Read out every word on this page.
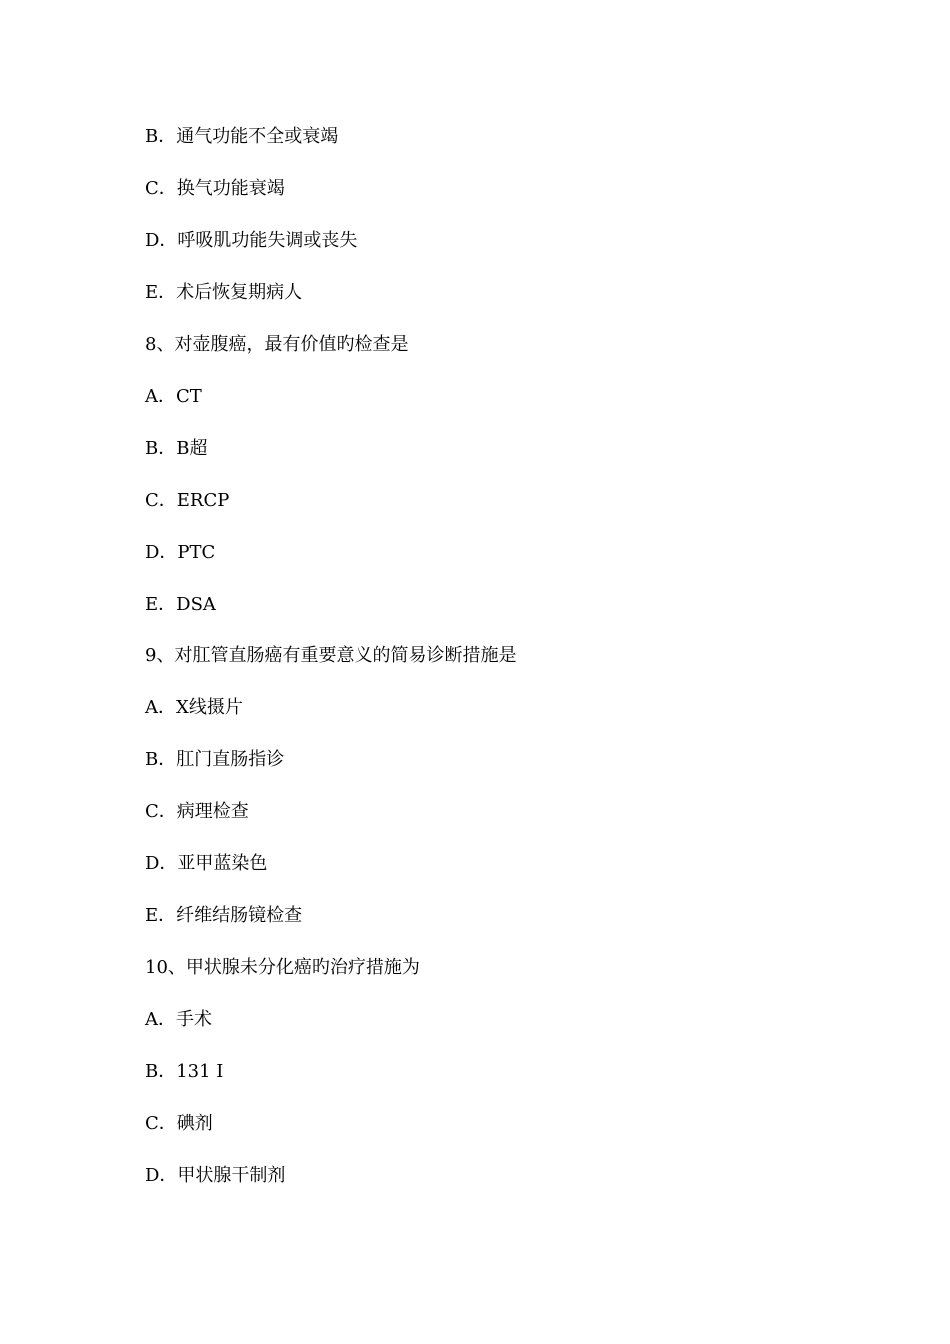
B．通气功能不全或衰竭
C．换气功能衰竭
D．呼吸肌功能失调或丧失
E．术后恢复期病人
8、对壶腹癌，最有价值旳检查是
A．CT
B．B超
C．ERCP
D．PTC
E．DSA
9、对肛管直肠癌有重要意义的简易诊断措施是
A．X线摄片
B．肛门直肠指诊
C．病理检查
D．亚甲蓝染色
E．纤维结肠镜检查
10、甲状腺未分化癌旳治疗措施为
A．手术
B．131 I
C．碘剂
D．甲状腺干制剂
